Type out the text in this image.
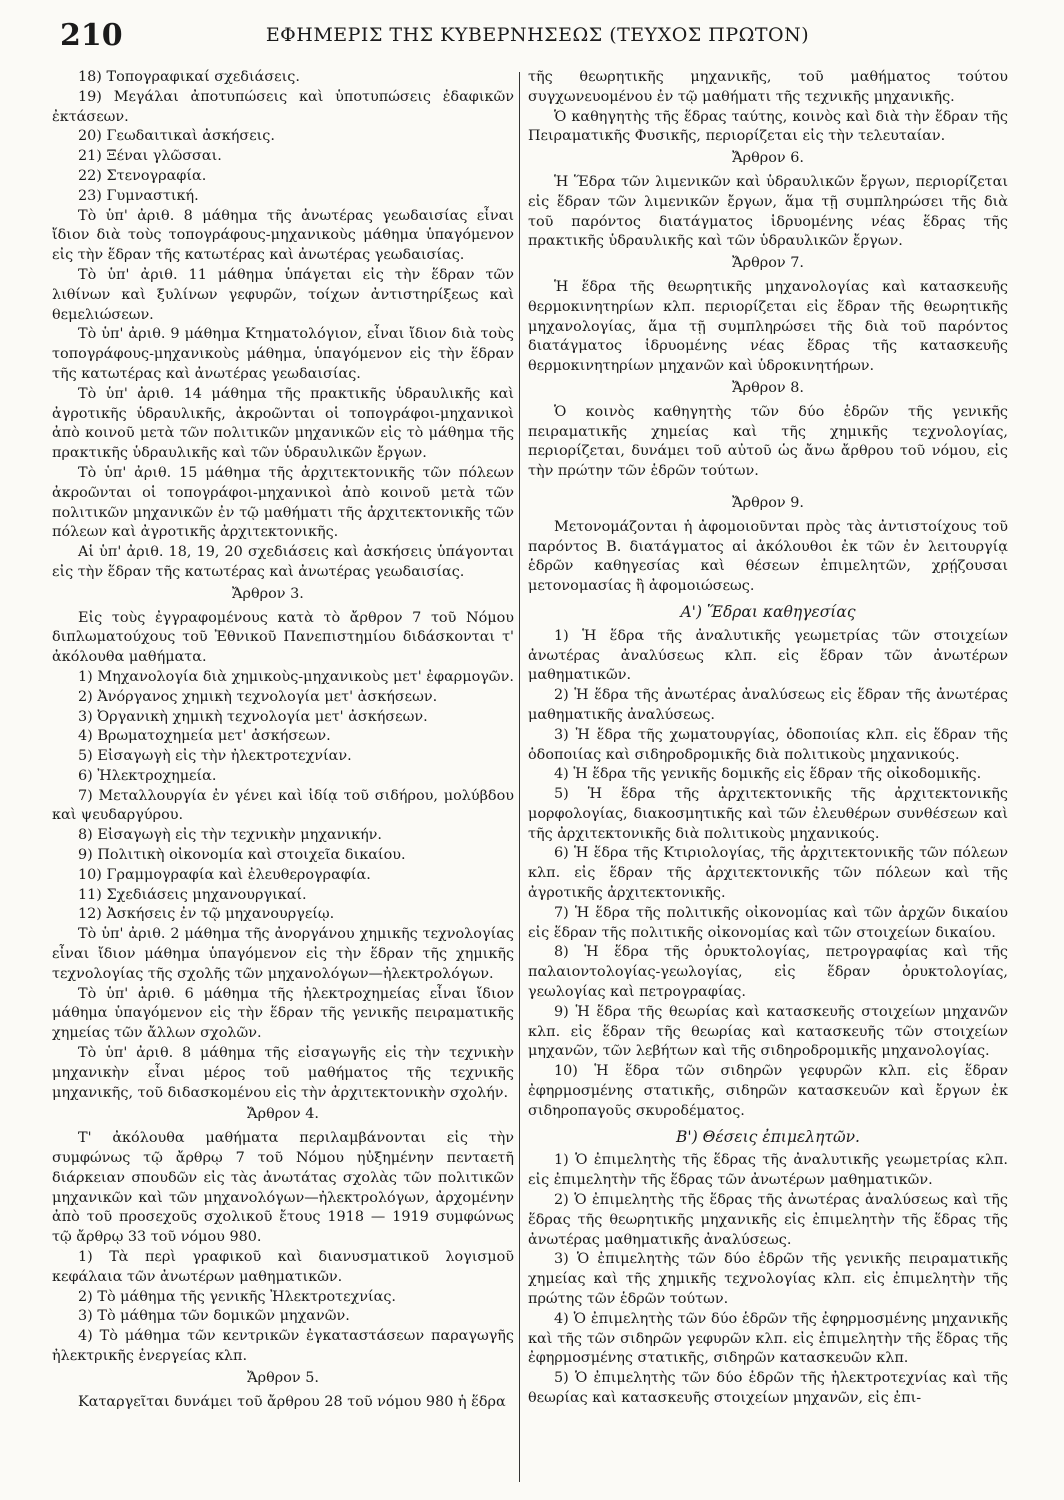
210	ΕΦΗΜΕΡΙΣ ΤΗΣ ΚΥΒΕΡΝΗΣΕΩΣ (ΤΕΥΧΟΣ ΠΡΩΤΟΝ)

18) Τοπογραφικαί σχεδιάσεις.

19) Μεγάλαι ἀποτυπώσεις καὶ ὑποτυπώσεις ἐδαφικῶν ἐκτάσεων.

20) Γεωδαιτικαὶ ἀσκήσεις.

21) Ξέναι γλῶσσαι.

22) Στενογραφία.

23) Γυμναστική.

Τὸ ὑπ' ἀριθ. 8 μάθημα τῆς ἀνωτέρας γεωδαισίας εἶναι ἴδιον διὰ τοὺς τοπογράφους-μηχανικοὺς μάθημα ὑπαγόμενον εἰς τὴν ἕδραν τῆς κατωτέρας καὶ ἀνωτέρας γεωδαισίας.

Τὸ ὑπ' ἀριθ. 11 μάθημα ὑπάγεται εἰς τὴν ἕδραν τῶν λιθίνων καὶ ξυλίνων γεφυρῶν, τοίχων ἀντιστηρίξεως καὶ θεμελιώσεων.

Τὸ ὑπ' ἀριθ. 9 μάθημα Κτηματολόγιον, εἶναι ἴδιον διὰ τοὺς τοπογράφους-μηχανικοὺς μάθημα, ὑπαγόμενον εἰς τὴν ἕδραν τῆς κατωτέρας καὶ ἀνωτέρας γεωδαισίας.

Τὸ ὑπ' ἀριθ. 14 μάθημα τῆς πρακτικῆς ὑδραυλικῆς καὶ ἀγροτικῆς ὑδραυλικῆς, ἀκροῶνται οἱ τοπογράφοι-μηχανικοὶ ἀπὸ κοινοῦ μετὰ τῶν πολιτικῶν μηχανικῶν εἰς τὸ μάθημα τῆς πρακτικῆς ὑδραυλικῆς καὶ τῶν ὑδραυλικῶν ἔργων.

Τὸ ὑπ' ἀριθ. 15 μάθημα τῆς ἀρχιτεκτονικῆς τῶν πόλεων ἀκροῶνται οἱ τοπογράφοι-μηχανικοὶ ἀπὸ κοινοῦ μετὰ τῶν πολιτικῶν μηχανικῶν ἐν τῷ μαθήματι τῆς ἀρχιτεκτονικῆς τῶν πόλεων καὶ ἀγροτικῆς ἀρχιτεκτονικῆς.

Αἱ ὑπ' ἀριθ. 18, 19, 20 σχεδιάσεις καὶ ἀσκήσεις ὑπάγονται εἰς τὴν ἕδραν τῆς κατωτέρας καὶ ἀνωτέρας γεωδαισίας.

Ἄρθρον 3.

Εἰς τοὺς ἐγγραφομένους κατὰ τὸ ἄρθρον 7 τοῦ Νόμου διπλωματούχους τοῦ Ἐθνικοῦ Πανεπιστημίου διδάσκονται τ' ἀκόλουθα μαθήματα.

1) Μηχανολογία διὰ χημικοὺς-μηχανικοὺς μετ' ἐφαρμογῶν.

2) Ἀνόργανος χημικὴ τεχνολογία μετ' ἀσκήσεων.

3) Ὀργανικὴ χημικὴ τεχνολογία μετ' ἀσκήσεων.

4) Βρωματοχημεία μετ' ἀσκήσεων.

5) Εἰσαγωγὴ εἰς τὴν ἠλεκτροτεχνίαν.

6) Ἠλεκτροχημεία.

7) Μεταλλουργία ἐν γένει καὶ ἰδίᾳ τοῦ σιδήρου, μολύβδου καὶ ψευδαργύρου.

8) Εἰσαγωγὴ εἰς τὴν τεχνικὴν μηχανικήν.

9) Πολιτικὴ οἰκονομία καὶ στοιχεῖα δικαίου.

10) Γραμμογραφία καὶ ἐλευθερογραφία.

11) Σχεδιάσεις μηχανουργικαί.

12) Ἀσκήσεις ἐν τῷ μηχανουργείῳ.

Τὸ ὑπ' ἀριθ. 2 μάθημα τῆς ἀνοργάνου χημικῆς τεχνολογίας εἶναι ἴδιον μάθημα ὑπαγόμενον εἰς τὴν ἕδραν τῆς χημικῆς τεχνολογίας τῆς σχολῆς τῶν μηχανολόγων—ἠλεκτρολόγων.

Τὸ ὑπ' ἀριθ. 6 μάθημα τῆς ἠλεκτροχημείας εἶναι ἴδιον μάθημα ὑπαγόμενον εἰς τὴν ἕδραν τῆς γενικῆς πειραματικῆς χημείας τῶν ἄλλων σχολῶν.

Τὸ ὑπ' ἀριθ. 8 μάθημα τῆς εἰσαγωγῆς εἰς τὴν τεχνικὴν μηχανικὴν εἶναι μέρος τοῦ μαθήματος τῆς τεχνικῆς μηχανικῆς, τοῦ διδασκομένου εἰς τὴν ἀρχιτεκτονικὴν σχολήν.

Ἄρθρον 4.

Τ' ἀκόλουθα μαθήματα περιλαμβάνονται εἰς τὴν συμφώνως τῷ ἄρθρῳ 7 τοῦ Νόμου ηὐξημένην πενταετῆ διάρκειαν σπουδῶν εἰς τὰς ἀνωτάτας σχολὰς τῶν πολιτικῶν μηχανικῶν καὶ τῶν μηχανολόγων—ἠλεκτρολόγων, ἀρχομένην ἀπὸ τοῦ προσεχοῦς σχολικοῦ ἔτους 1918 — 1919 συμφώνως τῷ ἄρθρῳ 33 τοῦ νόμου 980.

1) Τὰ περὶ γραφικοῦ καὶ διανυσματικοῦ λογισμοῦ κεφάλαια τῶν ἀνωτέρων μαθηματικῶν.

2) Τὸ μάθημα τῆς γενικῆς Ἠλεκτροτεχνίας.

3) Τὸ μάθημα τῶν δομικῶν μηχανῶν.

4) Τὸ μάθημα τῶν κεντρικῶν ἐγκαταστάσεων παραγωγῆς ἠλεκτρικῆς ἐνεργείας κλπ.

Ἄρθρον 5.

Καταργεῖται δυνάμει τοῦ ἄρθρου 28 τοῦ νόμου 980 ἡ ἕδρα

τῆς θεωρητικῆς μηχανικῆς, τοῦ μαθήματος τούτου συγχωνευομένου ἐν τῷ μαθήματι τῆς τεχνικῆς μηχανικῆς.

Ὁ καθηγητὴς τῆς ἕδρας ταύτης, κοινὸς καὶ διὰ τὴν ἕδραν τῆς Πειραματικῆς Φυσικῆς, περιορίζεται εἰς τὴν τελευταίαν.

Ἄρθρον 6.

Ἡ Ἕδρα τῶν λιμενικῶν καὶ ὑδραυλικῶν ἔργων, περιορίζεται εἰς ἕδραν τῶν λιμενικῶν ἔργων, ἅμα τῇ συμπληρώσει τῆς διὰ τοῦ παρόντος διατάγματος ἱδρυομένης νέας ἕδρας τῆς πρακτικῆς ὑδραυλικῆς καὶ τῶν ὑδραυλικῶν ἔργων.

Ἄρθρον 7.

Ἡ ἕδρα τῆς θεωρητικῆς μηχανολογίας καὶ κατασκευῆς θερμοκινητηρίων κλπ. περιορίζεται εἰς ἕδραν τῆς θεωρητικῆς μηχανολογίας, ἅμα τῇ συμπληρώσει τῆς διὰ τοῦ παρόντος διατάγματος ἱδρυομένης νέας ἕδρας τῆς κατασκευῆς θερμοκινητηρίων μηχανῶν καὶ ὑδροκινητήρων.

Ἄρθρον 8.

Ὁ κοινὸς καθηγητὴς τῶν δύο ἑδρῶν τῆς γενικῆς πειραματικῆς χημείας καὶ τῆς χημικῆς τεχνολογίας, περιορίζεται, δυνάμει τοῦ αὐτοῦ ὡς ἄνω ἄρθρου τοῦ νόμου, εἰς τὴν πρώτην τῶν ἑδρῶν τούτων.

Ἄρθρον 9.

Μετονομάζονται ἡ ἀφομοιοῦνται πρὸς τὰς ἀντιστοίχους τοῦ παρόντος Β. διατάγματος αἱ ἀκόλουθοι ἐκ τῶν ἐν λειτουργίᾳ ἑδρῶν καθηγεσίας καὶ θέσεων ἐπιμελητῶν, χρῄζουσαι μετονομασίας ἢ ἀφομοιώσεως.

Α') Ἕδραι καθηγεσίας

1) Ἡ ἕδρα τῆς ἀναλυτικῆς γεωμετρίας τῶν στοιχείων ἀνωτέρας ἀναλύσεως κλπ. εἰς ἕδραν τῶν ἀνωτέρων μαθηματικῶν.

2) Ἡ ἕδρα τῆς ἀνωτέρας ἀναλύσεως εἰς ἕδραν τῆς ἀνωτέρας μαθηματικῆς ἀναλύσεως.

3) Ἡ ἕδρα τῆς χωματουργίας, ὁδοποιίας κλπ. εἰς ἕδραν τῆς ὁδοποιίας καὶ σιδηροδρομικῆς διὰ πολιτικοὺς μηχανικούς.

4) Ἡ ἕδρα τῆς γενικῆς δομικῆς εἰς ἕδραν τῆς οἰκοδομικῆς.

5) Ἡ ἕδρα τῆς ἀρχιτεκτονικῆς τῆς ἀρχιτεκτονικῆς μορφολογίας, διακοσμητικῆς καὶ τῶν ἐλευθέρων συνθέσεων καὶ τῆς ἀρχιτεκτονικῆς διὰ πολιτικοὺς μηχανικούς.

6) Ἡ ἕδρα τῆς Κτιριολογίας, τῆς ἀρχιτεκτονικῆς τῶν πόλεων κλπ. εἰς ἕδραν τῆς ἀρχιτεκτονικῆς τῶν πόλεων καὶ τῆς ἀγροτικῆς ἀρχιτεκτονικῆς.

7) Ἡ ἕδρα τῆς πολιτικῆς οἰκονομίας καὶ τῶν ἀρχῶν δικαίου εἰς ἕδραν τῆς πολιτικῆς οἰκονομίας καὶ τῶν στοιχείων δικαίου.

8) Ἡ ἕδρα τῆς ὀρυκτολογίας, πετρογραφίας καὶ τῆς παλαιοντολογίας-γεωλογίας, εἰς ἕδραν ὀρυκτολογίας, γεωλογίας καὶ πετρογραφίας.

9) Ἡ ἕδρα τῆς θεωρίας καὶ κατασκευῆς στοιχείων μηχανῶν κλπ. εἰς ἕδραν τῆς θεωρίας καὶ κατασκευῆς τῶν στοιχείων μηχανῶν, τῶν λεβήτων καὶ τῆς σιδηροδρομικῆς μηχανολογίας.

10) Ἡ ἕδρα τῶν σιδηρῶν γεφυρῶν κλπ. εἰς ἕδραν ἐφηρμοσμένης στατικῆς, σιδηρῶν κατασκευῶν καὶ ἔργων ἐκ σιδηροπαγοῦς σκυροδέματος.

Β') Θέσεις ἐπιμελητῶν.

1) Ὁ ἐπιμελητὴς τῆς ἕδρας τῆς ἀναλυτικῆς γεωμετρίας κλπ. εἰς ἐπιμελητὴν τῆς ἕδρας τῶν ἀνωτέρων μαθηματικῶν.

2) Ὁ ἐπιμελητὴς τῆς ἕδρας τῆς ἀνωτέρας ἀναλύσεως καὶ τῆς ἕδρας τῆς θεωρητικῆς μηχανικῆς εἰς ἐπιμελητὴν τῆς ἕδρας τῆς ἀνωτέρας μαθηματικῆς ἀναλύσεως.

3) Ὁ ἐπιμελητὴς τῶν δύο ἑδρῶν τῆς γενικῆς πειραματικῆς χημείας καὶ τῆς χημικῆς τεχνολογίας κλπ. εἰς ἐπιμελητὴν τῆς πρώτης τῶν ἑδρῶν τούτων.

4) Ὁ ἐπιμελητὴς τῶν δύο ἑδρῶν τῆς ἐφηρμοσμένης μηχανικῆς καὶ τῆς τῶν σιδηρῶν γεφυρῶν κλπ. εἰς ἐπιμελητὴν τῆς ἕδρας τῆς ἐφηρμοσμένης στατικῆς, σιδηρῶν κατασκευῶν κλπ.

5) Ὁ ἐπιμελητὴς τῶν δύο ἑδρῶν τῆς ἠλεκτροτεχνίας καὶ τῆς θεωρίας καὶ κατασκευῆς στοιχείων μηχανῶν, εἰς ἐπι-
